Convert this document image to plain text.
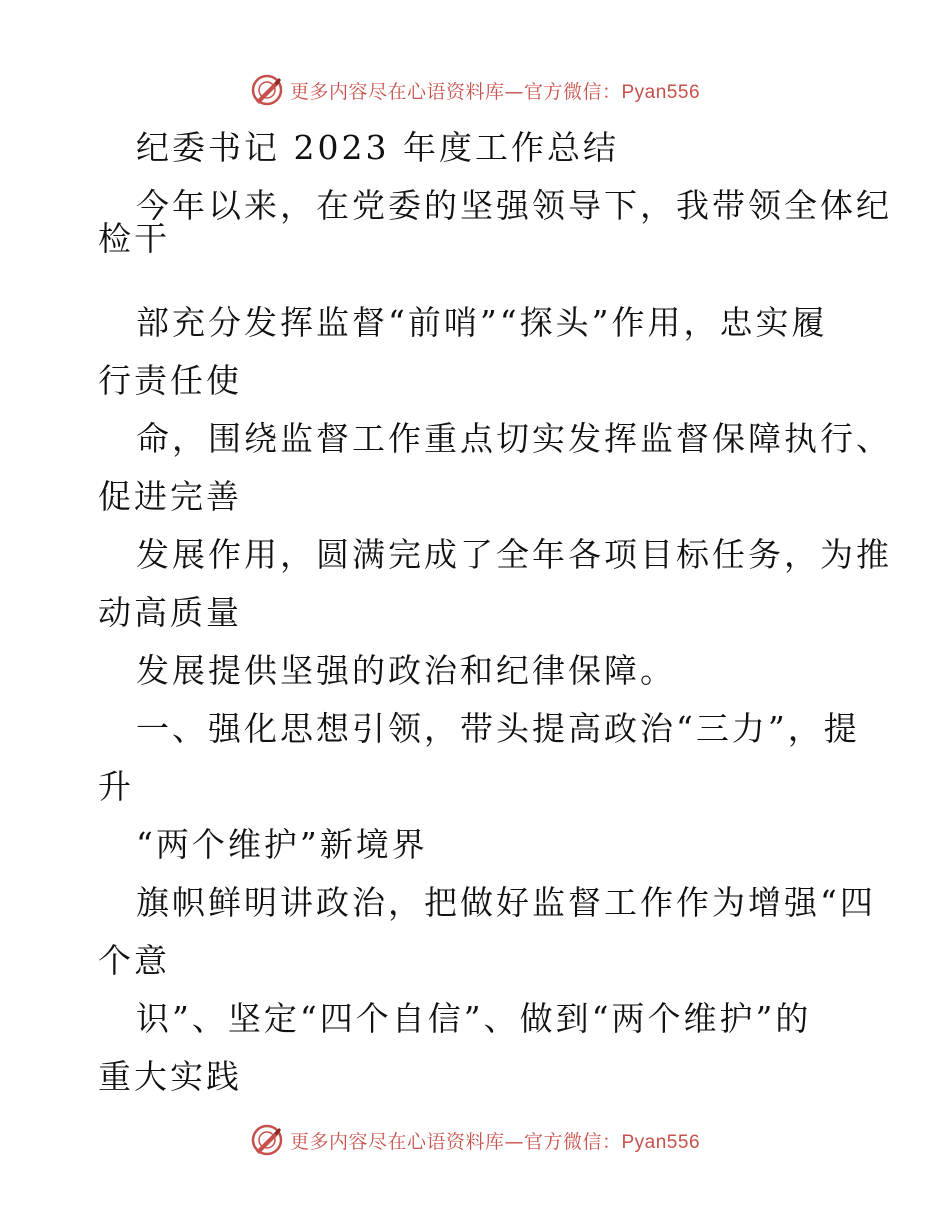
更多内容尽在心语资料库—官方微信：Pyan556
纪委书记 2023 年度工作总结
今年以来，在党委的坚强领导下，我带领全体纪
检干
部充分发挥监督“前哨”“探头”作用，忠实履
行责任使
命，围绕监督工作重点切实发挥监督保障执行、
促进完善
发展作用，圆满完成了全年各项目标任务，为推
动高质量
发展提供坚强的政治和纪律保障。
一、强化思想引领，带头提高政治“三力”，提
升
“两个维护”新境界
旗帜鲜明讲政治，把做好监督工作作为增强“四
个意
识”、坚定“四个自信”、做到“两个维护”的
重大实践
更多内容尽在心语资料库—官方微信：Pyan556
